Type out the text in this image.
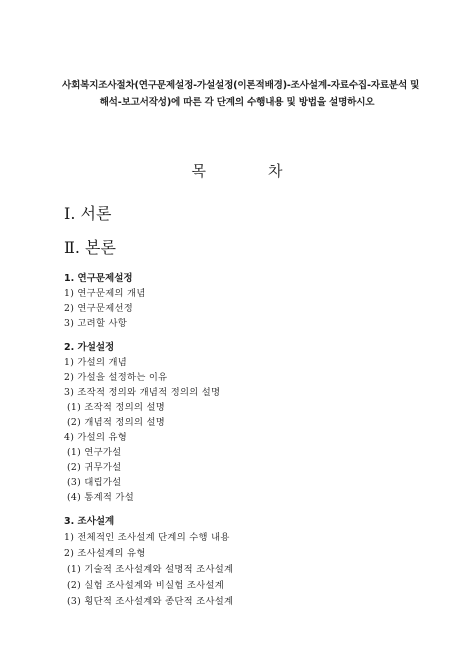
사회복지조사절차(연구문제설정-가설설정(이론적배경)-조사설계-자료수집-자료분석 및
해석-보고서작성)에 따른 각 단계의 수행내용 및 방법을 설명하시오
목	차
Ⅰ. 서론
Ⅱ. 본론
1. 연구문제설정
1) 연구문제의 개념
2) 연구문제선정
3) 고려할 사항
2. 가설설정
1) 가설의 개념
2) 가설을 설정하는 이유
3) 조작적 정의와 개념적 정의의 설명
(1) 조작적 정의의 설명
(2) 개념적 정의의 설명
4) 가설의 유형
(1) 연구가설
(2) 귀무가설
(3) 대립가설
(4) 통계적 가설
3. 조사설계
1) 전체적인 조사설계 단계의 수행 내용
2) 조사설계의 유형
(1) 기술적 조사설계와 설명적 조사설계
(2) 실험 조사설계와 비실험 조사설계
(3) 횡단적 조사설계와 종단적 조사설계
